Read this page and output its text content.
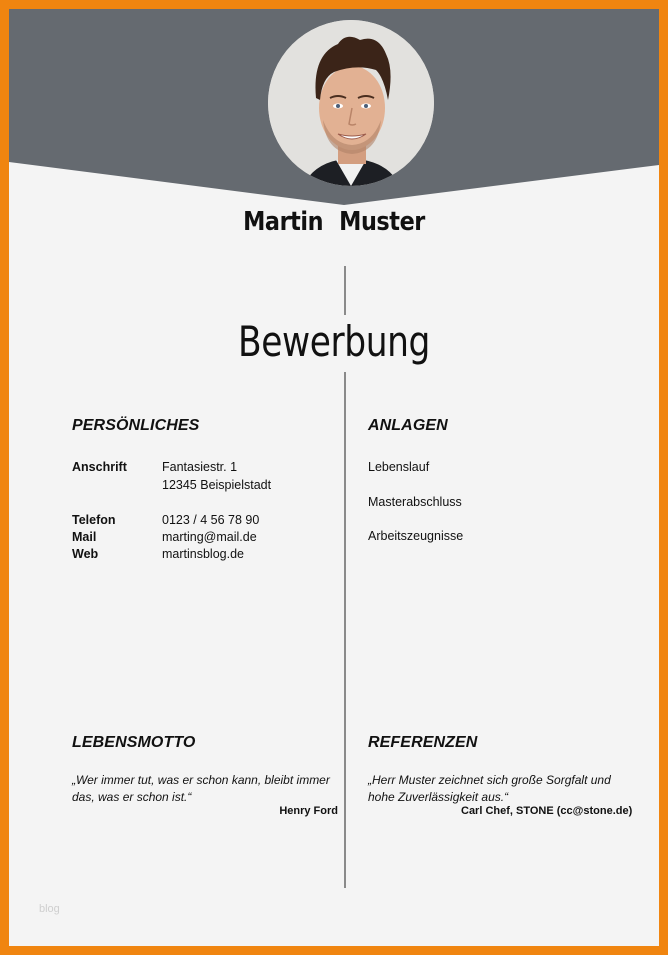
Martin Muster
Bewerbung
PERSÖNLICHES
Anschrift	Fantasiestr. 1
12345 Beispielstadt
Telefon	0123 / 4 56 78 90
Mail	marting@mail.de
Web	martinsblog.de
ANLAGEN
Lebenslauf
Masterabschluss
Arbeitszeugnisse
LEBENSMOTTO
„Wer immer tut, was er schon kann, bleibt immer
das, was er schon ist.“
Henry Ford
REFERENZEN
„Herr Muster zeichnet sich große Sorgfalt und
hohe Zuverlässigkeit aus.“
Carl Chef, STONE (cc@stone.de)
blog
